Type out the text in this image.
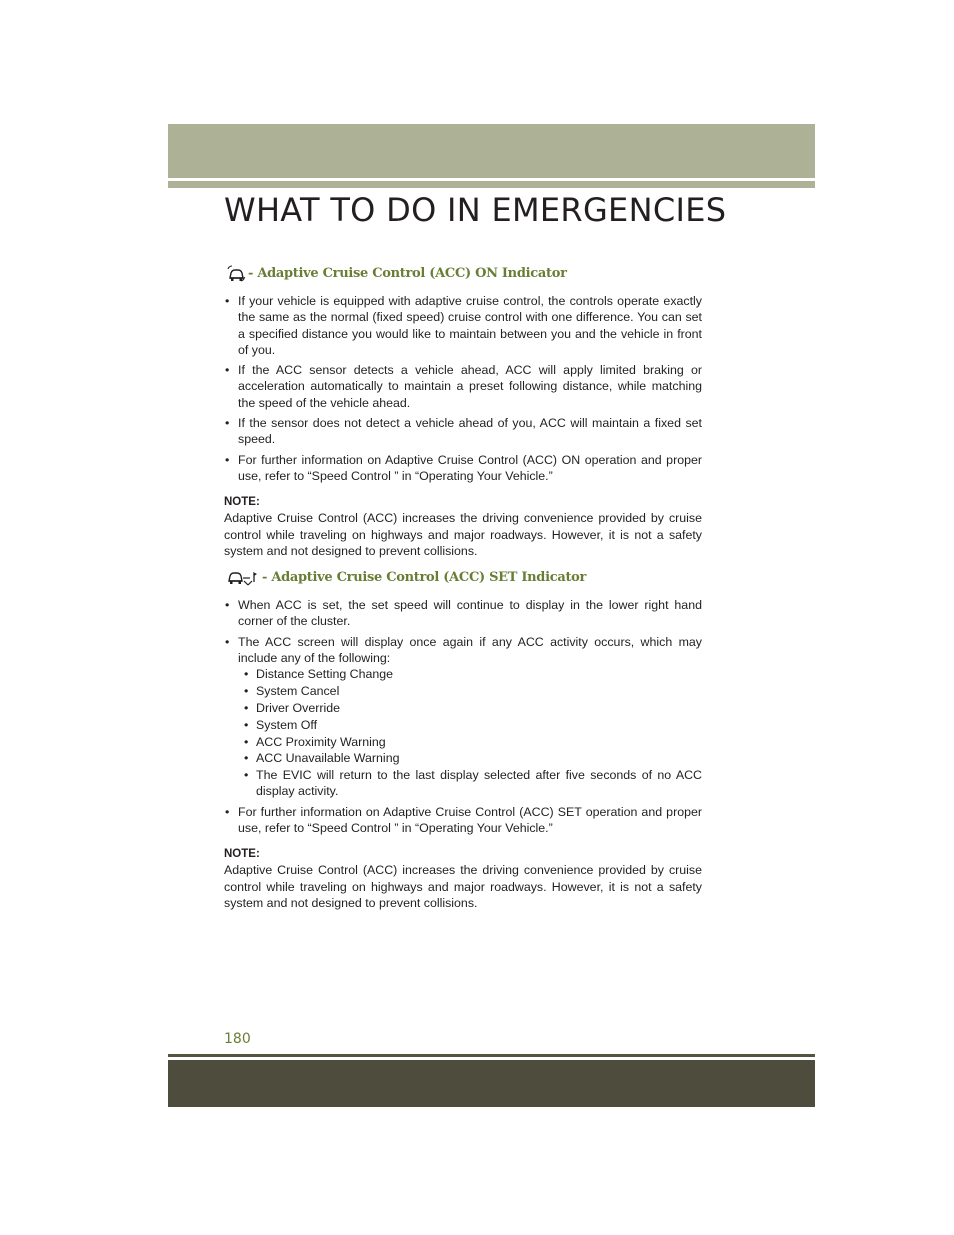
WHAT TO DO IN EMERGENCIES
- Adaptive Cruise Control (ACC) ON Indicator
• If your vehicle is equipped with adaptive cruise control, the controls operate exactly the same as the normal (fixed speed) cruise control with one difference. You can set a specified distance you would like to maintain between you and the vehicle in front of you.
• If the ACC sensor detects a vehicle ahead, ACC will apply limited braking or acceleration automatically to maintain a preset following distance, while matching the speed of the vehicle ahead.
• If the sensor does not detect a vehicle ahead of you, ACC will maintain a fixed set speed.
• For further information on Adaptive Cruise Control (ACC) ON operation and proper use, refer to “Speed Control ” in “Operating Your Vehicle.”
NOTE:
Adaptive Cruise Control (ACC) increases the driving convenience provided by cruise control while traveling on highways and major roadways. However, it is not a safety system and not designed to prevent collisions.
- Adaptive Cruise Control (ACC) SET Indicator
• When ACC is set, the set speed will continue to display in the lower right hand corner of the cluster.
• The ACC screen will display once again if any ACC activity occurs, which may include any of the following:
• Distance Setting Change
• System Cancel
• Driver Override
• System Off
• ACC Proximity Warning
• ACC Unavailable Warning
• The EVIC will return to the last display selected after five seconds of no ACC display activity.
• For further information on Adaptive Cruise Control (ACC) SET operation and proper use, refer to “Speed Control ” in “Operating Your Vehicle.”
NOTE:
Adaptive Cruise Control (ACC) increases the driving convenience provided by cruise control while traveling on highways and major roadways. However, it is not a safety system and not designed to prevent collisions.
180
